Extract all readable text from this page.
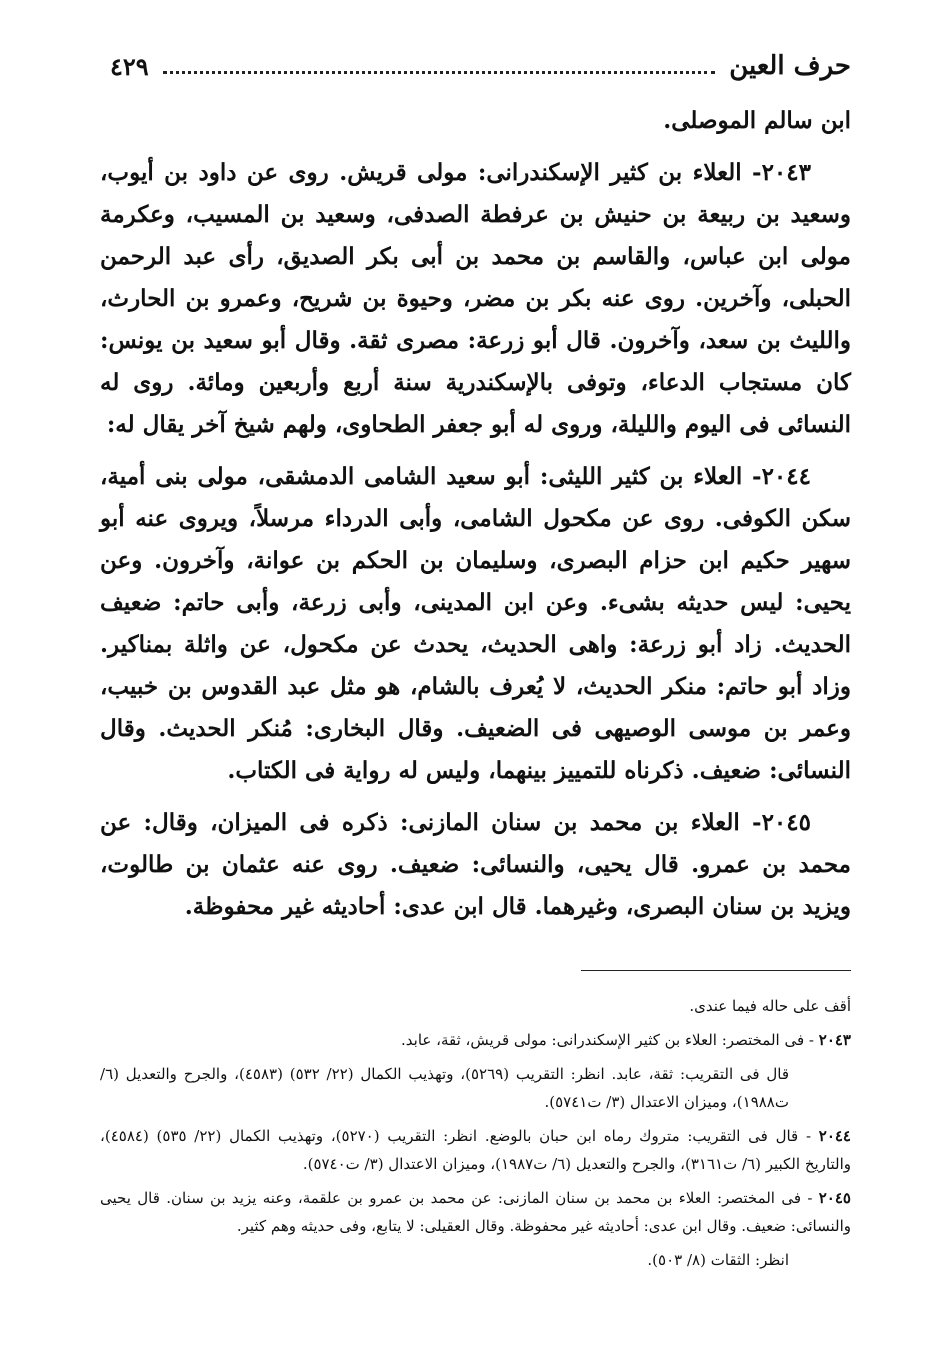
حرف العين
٤٢٩

ابن سالم الموصلى.

٢٠٤٣- العلاء بن كثير الإسكندرانى: مولى قريش. روى عن داود بن أيوب، وسعيد بن ربيعة بن حنيش بن عرفطة الصدفى، وسعيد بن المسيب، وعكرمة مولى ابن عباس، والقاسم بن محمد بن أبى بكر الصديق، رأى عبد الرحمن الحبلى، وآخرين. روى عنه بكر بن مضر، وحيوة بن شريح، وعمرو بن الحارث، والليث بن سعد، وآخرون. قال أبو زرعة: مصرى ثقة. وقال أبو سعيد بن يونس: كان مستجاب الدعاء، وتوفى بالإسكندرية سنة أربع وأربعين ومائة. روى له النسائى فى اليوم والليلة، وروى له أبو جعفر الطحاوى، ولهم شيخ آخر يقال له:

٢٠٤٤- العلاء بن كثير الليثى: أبو سعيد الشامى الدمشقى، مولى بنى أمية، سكن الكوفى. روى عن مكحول الشامى، وأبى الدرداء مرسلاً، ويروى عنه أبو سهير حكيم ابن حزام البصرى، وسليمان بن الحكم بن عوانة، وآخرون. وعن يحيى: ليس حديثه بشىء. وعن ابن المدينى، وأبى زرعة، وأبى حاتم: ضعيف الحديث. زاد أبو زرعة: واهى الحديث، يحدث عن مكحول، عن واثلة بمناكير. وزاد أبو حاتم: منكر الحديث، لا يُعرف بالشام، هو مثل عبد القدوس بن خبيب، وعمر بن موسى الوصيهى فى الضعيف. وقال البخارى: مُنكر الحديث. وقال النسائى: ضعيف. ذكرناه للتمييز بينهما، وليس له رواية فى الكتاب.

٢٠٤٥- العلاء بن محمد بن سنان المازنى: ذكره فى الميزان، وقال: عن محمد بن عمرو. قال يحيى، والنسائى: ضعيف. روى عنه عثمان بن طالوت، ويزيد بن سنان البصرى، وغيرهما. قال ابن عدى: أحاديثه غير محفوظة.

أقف على حاله فيما عندى.

٢٠٤٣ - فى المختصر: العلاء بن كثير الإسكندرانى: مولى قريش، ثقة، عابد.

قال فى التقريب: ثقة، عابد. انظر: التقريب (٥٢٦٩)، وتهذيب الكمال (٢٢/ ٥٣٢) (٤٥٨٣)، والجرح والتعديل (٦/ ت١٩٨٨)، وميزان الاعتدال (٣/ ت٥٧٤١).

٢٠٤٤ - قال فى التقريب: متروك رماه ابن حبان بالوضع. انظر: التقريب (٥٢٧٠)، وتهذيب الكمال (٢٢/ ٥٣٥) (٤٥٨٤)، والتاريخ الكبير (٦/ ت٣١٦١)، والجرح والتعديل (٦/ ت١٩٨٧)، وميزان الاعتدال (٣/ ت٥٧٤٠).

٢٠٤٥ - فى المختصر: العلاء بن محمد بن سنان المازنى: عن محمد بن عمرو بن علقمة، وعنه يزيد بن سنان. قال يحيى والنسائى: ضعيف. وقال ابن عدى: أحاديثه غير محفوظة. وقال العقيلى: لا يتابع، وفى حديثه وهم كثير.

انظر: الثقات (٨/ ٥٠٣).
